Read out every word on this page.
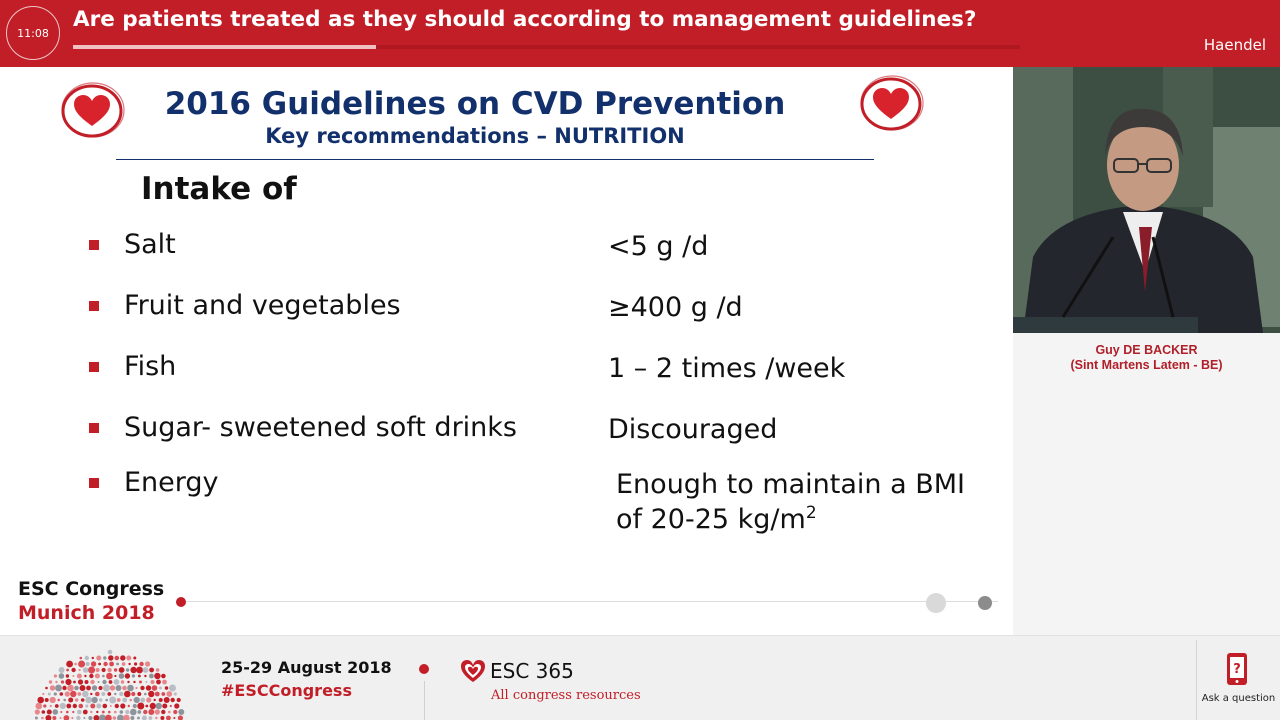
11:08
Are patients treated as they should according to management guidelines?
Haendel
2016 Guidelines on CVD Prevention
Key recommendations – NUTRITION
Intake of
Salt	<5 g /d
Fruit and vegetables	≥400 g /d
Fish	1 – 2 times /week
Sugar- sweetened soft drinks	Discouraged
Energy	Enough to maintain a BMI
of 20-25 $kg/m^2$
ESC Congress
Munich 2018
Guy DE BACKER
(Sint Martens Latem - BE)
25-29 August 2018
#ESCCongress
ESC 365
All congress resources
?
Ask a question
